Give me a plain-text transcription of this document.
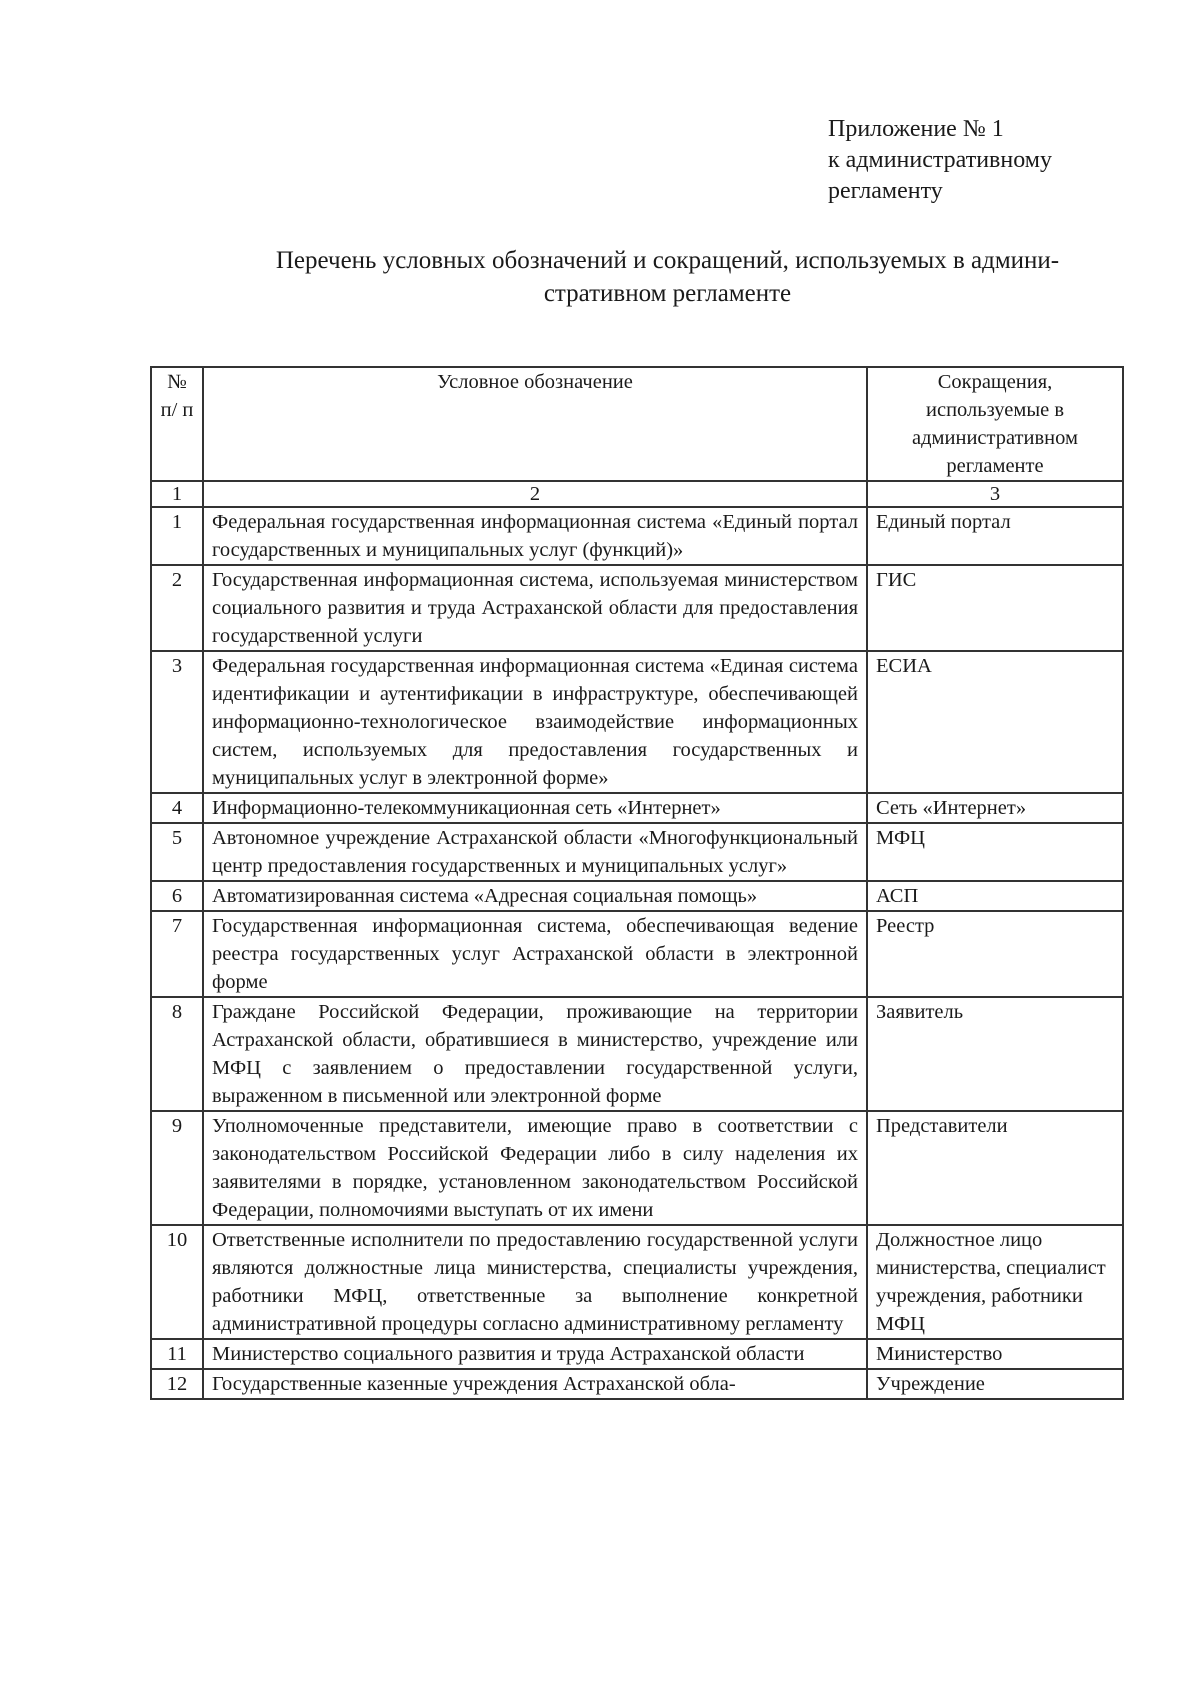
Приложение № 1
к административному
регламенту
Перечень условных обозначений и сокращений, используемых в админи-
стративном регламенте
№ п/ п	Условное обозначение	Сокращения, используемые в административном регламенте
1	2	3
1	Федеральная государственная информационная система «Единый портал государственных и муниципальных услуг (функций)»	Единый портал
2	Государственная информационная система, используемая министерством социального развития и труда Астраханской области для предоставления государственной услуги	ГИС
3	Федеральная государственная информационная система «Единая система идентификации и аутентификации в инфраструктуре, обеспечивающей информационно-технологическое взаимодействие информационных систем, используемых для предоставления государственных и муниципальных услуг в электронной форме»	ЕСИА
4	Информационно-телекоммуникационная сеть «Интернет»	Сеть «Интернет»
5	Автономное учреждение Астраханской области «Многофункциональный центр предоставления государственных и муниципальных услуг»	МФЦ
6	Автоматизированная система «Адресная социальная помощь»	АСП
7	Государственная информационная система, обеспечивающая ведение реестра государственных услуг Астраханской области в электронной форме	Реестр
8	Граждане Российской Федерации, проживающие на территории Астраханской области, обратившиеся в министерство, учреждение или МФЦ с заявлением о предоставлении государственной услуги, выраженном в письменной или электронной форме	Заявитель
9	Уполномоченные представители, имеющие право в соответствии с законодательством Российской Федерации либо в силу наделения их заявителями в порядке, установленном законодательством Российской Федерации, полномочиями выступать от их имени	Представители
10	Ответственные исполнители по предоставлению государственной услуги являются должностные лица министерства, специалисты учреждения, работники МФЦ, ответственные за выполнение конкретной административной процедуры согласно административному регламенту	Должностное лицо министерства, специалист учреждения, работники МФЦ
11	Министерство социального развития и труда Астраханской области	Министерство
12	Государственные казенные учреждения Астраханской обла-	Учреждение
